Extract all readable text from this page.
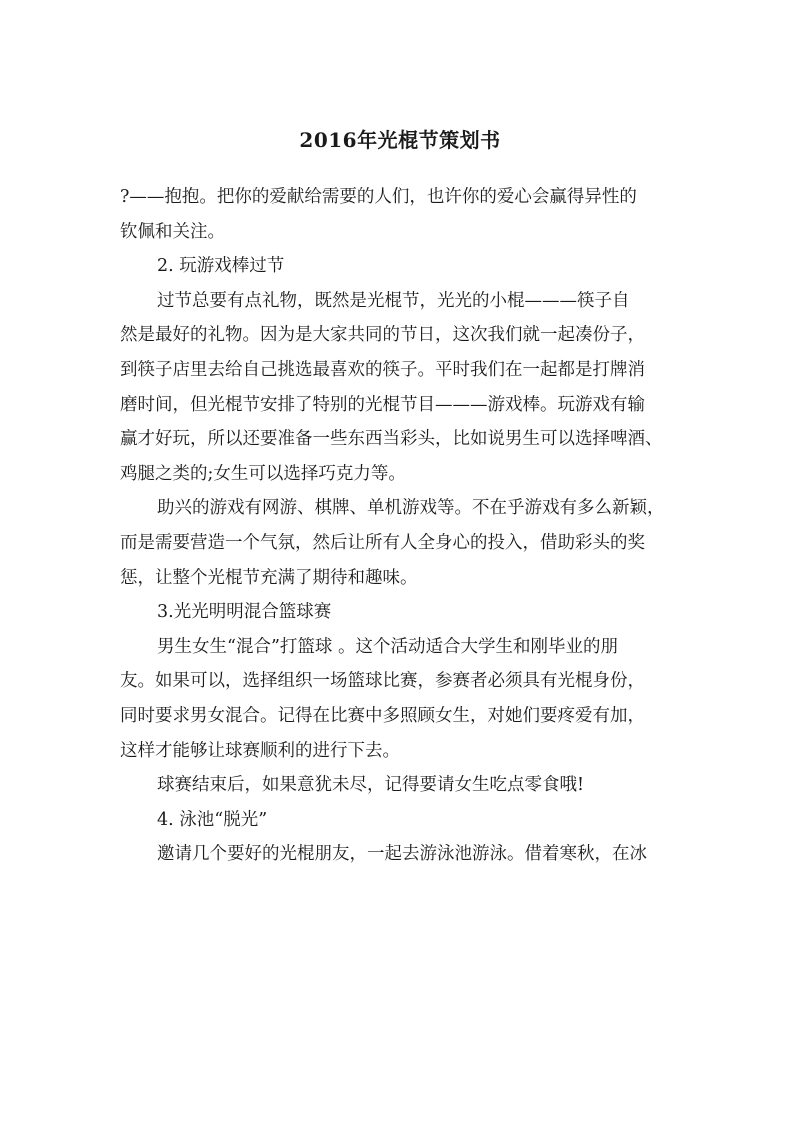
2016年光棍节策划书

?——抱抱。把你的爱献给需要的人们，也许你的爱心会赢得异性的
钦佩和关注。

2. 玩游戏棒过节

过节总要有点礼物，既然是光棍节，光光的小棍———筷子自
然是最好的礼物。因为是大家共同的节日，这次我们就一起凑份子，
到筷子店里去给自己挑选最喜欢的筷子。平时我们在一起都是打牌消
磨时间，但光棍节安排了特别的光棍节目———游戏棒。玩游戏有输
赢才好玩，所以还要准备一些东西当彩头，比如说男生可以选择啤酒、
鸡腿之类的;女生可以选择巧克力等。

助兴的游戏有网游、棋牌、单机游戏等。不在乎游戏有多么新颖，
而是需要营造一个气氛，然后让所有人全身心的投入，借助彩头的奖
惩，让整个光棍节充满了期待和趣味。

3.光光明明混合篮球赛

男生女生“混合”打篮球 。这个活动适合大学生和刚毕业的朋
友。如果可以，选择组织一场篮球比赛，参赛者必须具有光棍身份，
同时要求男女混合。记得在比赛中多照顾女生，对她们要疼爱有加，
这样才能够让球赛顺利的进行下去。

球赛结束后，如果意犹未尽，记得要请女生吃点零食哦!

4. 泳池“脱光”

邀请几个要好的光棍朋友，一起去游泳池游泳。借着寒秋，在冰
